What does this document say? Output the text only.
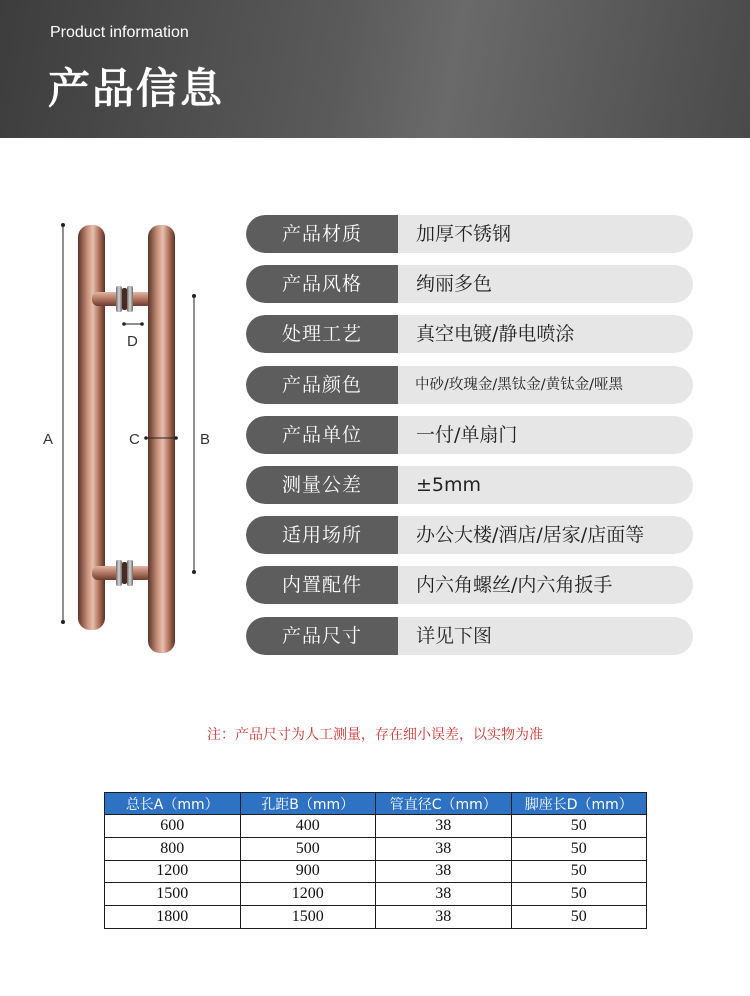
Product information
产品信息
A	B
C
D
产品材质	加厚不锈钢
产品风格	绚丽多色
处理工艺	真空电镀/静电喷涂
产品颜色	中砂/玫瑰金/黑钛金/黄钛金/哑黑
产品单位	一付/单扇门
测量公差	±5mm
适用场所	办公大楼/酒店/居家/店面等
内置配件	内六角螺丝/内六角扳手
产品尺寸	详见下图
注：产品尺寸为人工测量，存在细小误差，以实物为准
总长A（mm）	孔距B（mm）	管直径C（mm）	脚座长D（mm）
600	400	38	50
800	500	38	50
1200	900	38	50
1500	1200	38	50
1800	1500	38	50
